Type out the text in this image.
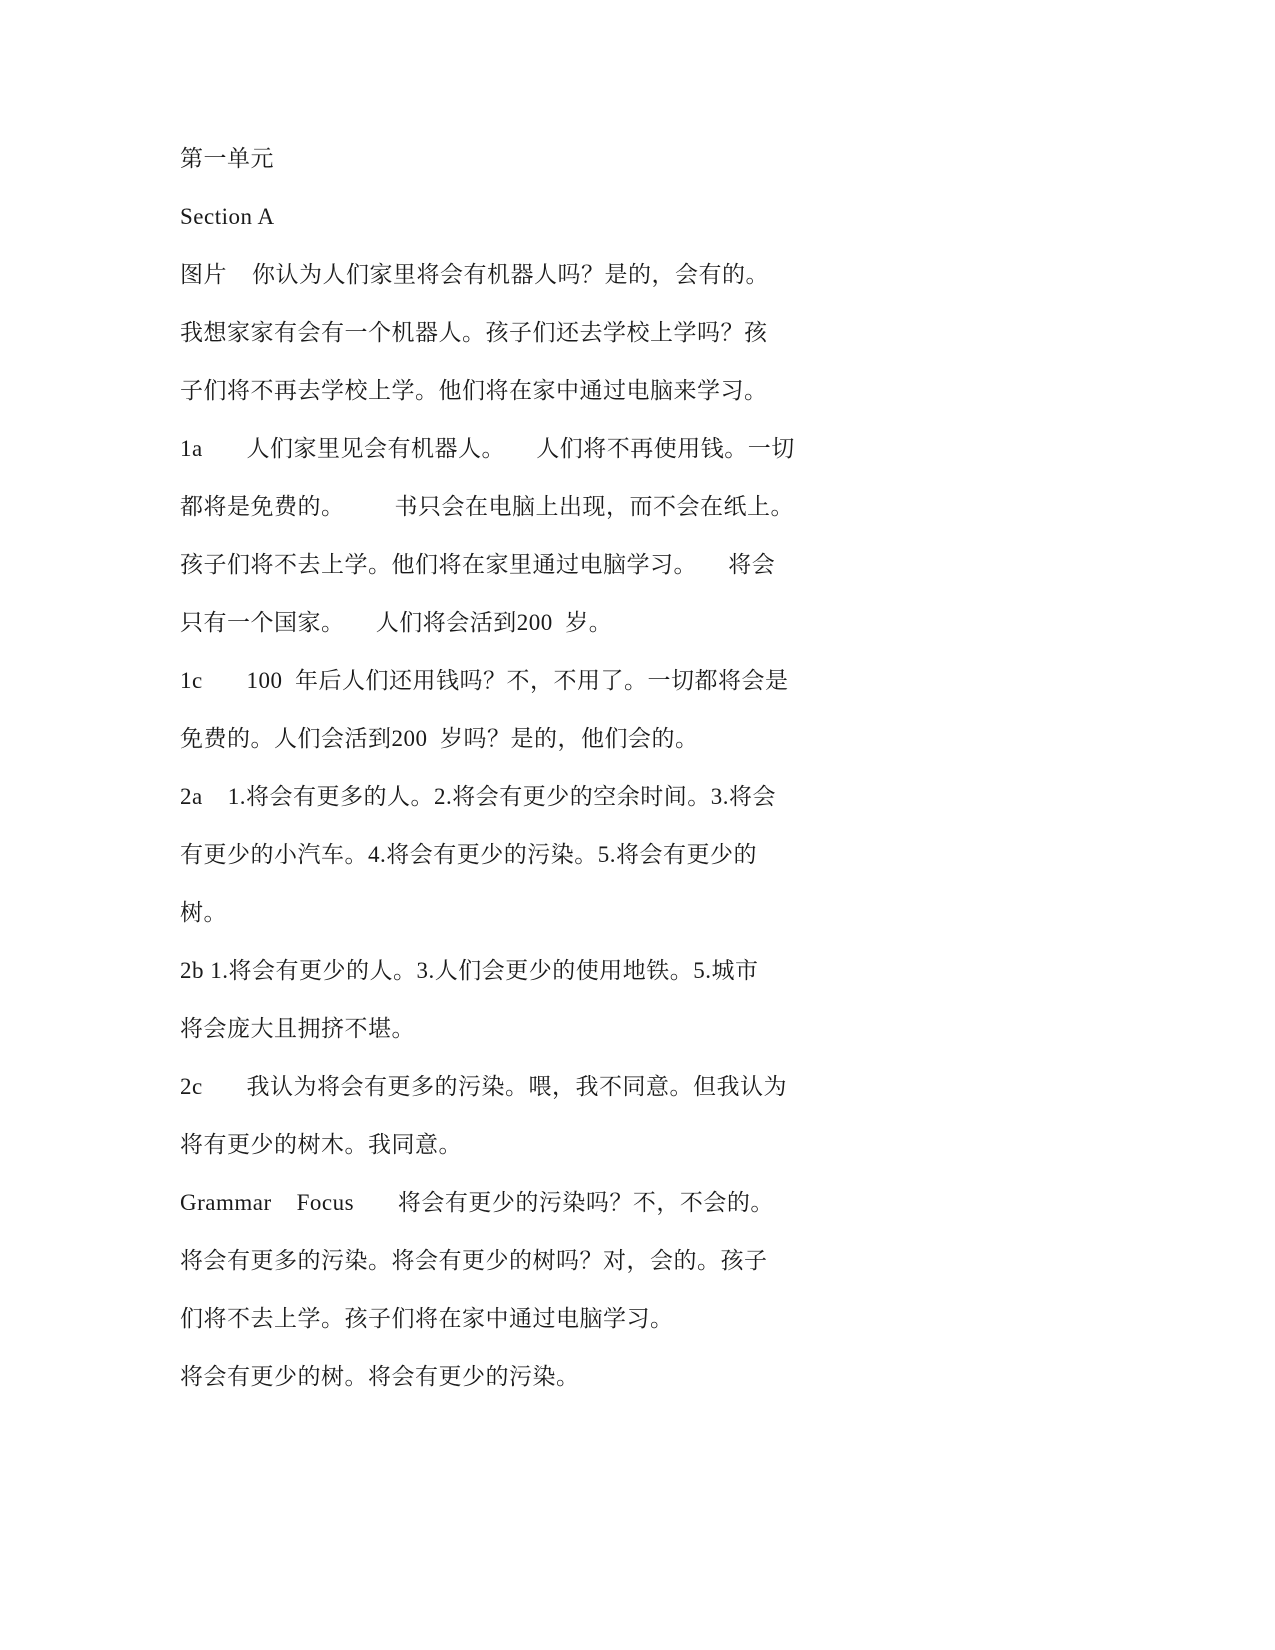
第一单元
Section A
图片    你认为人们家里将会有机器人吗？是的，会有的。
我想家家有会有一个机器人。孩子们还去学校上学吗？孩
子们将不再去学校上学。他们将在家中通过电脑来学习。
1a       人们家里见会有机器人。     人们将不再使用钱。一切
都将是免费的。        书只会在电脑上出现，而不会在纸上。
孩子们将不去上学。他们将在家里通过电脑学习。     将会
只有一个国家。     人们将会活到200  岁。
1c       100  年后人们还用钱吗？不，不用了。一切都将会是
免费的。人们会活到200  岁吗？是的，他们会的。
2a    1.将会有更多的人。2.将会有更少的空余时间。3.将会
有更少的小汽车。4.将会有更少的污染。5.将会有更少的
树。
2b 1.将会有更少的人。3.人们会更少的使用地铁。5.城市
将会庞大且拥挤不堪。
2c       我认为将会有更多的污染。喂，我不同意。但我认为
将有更少的树木。我同意。
Grammar    Focus       将会有更少的污染吗？不，不会的。
将会有更多的污染。将会有更少的树吗？对，会的。孩子
们将不去上学。孩子们将在家中通过电脑学习。
将会有更少的树。将会有更少的污染。
